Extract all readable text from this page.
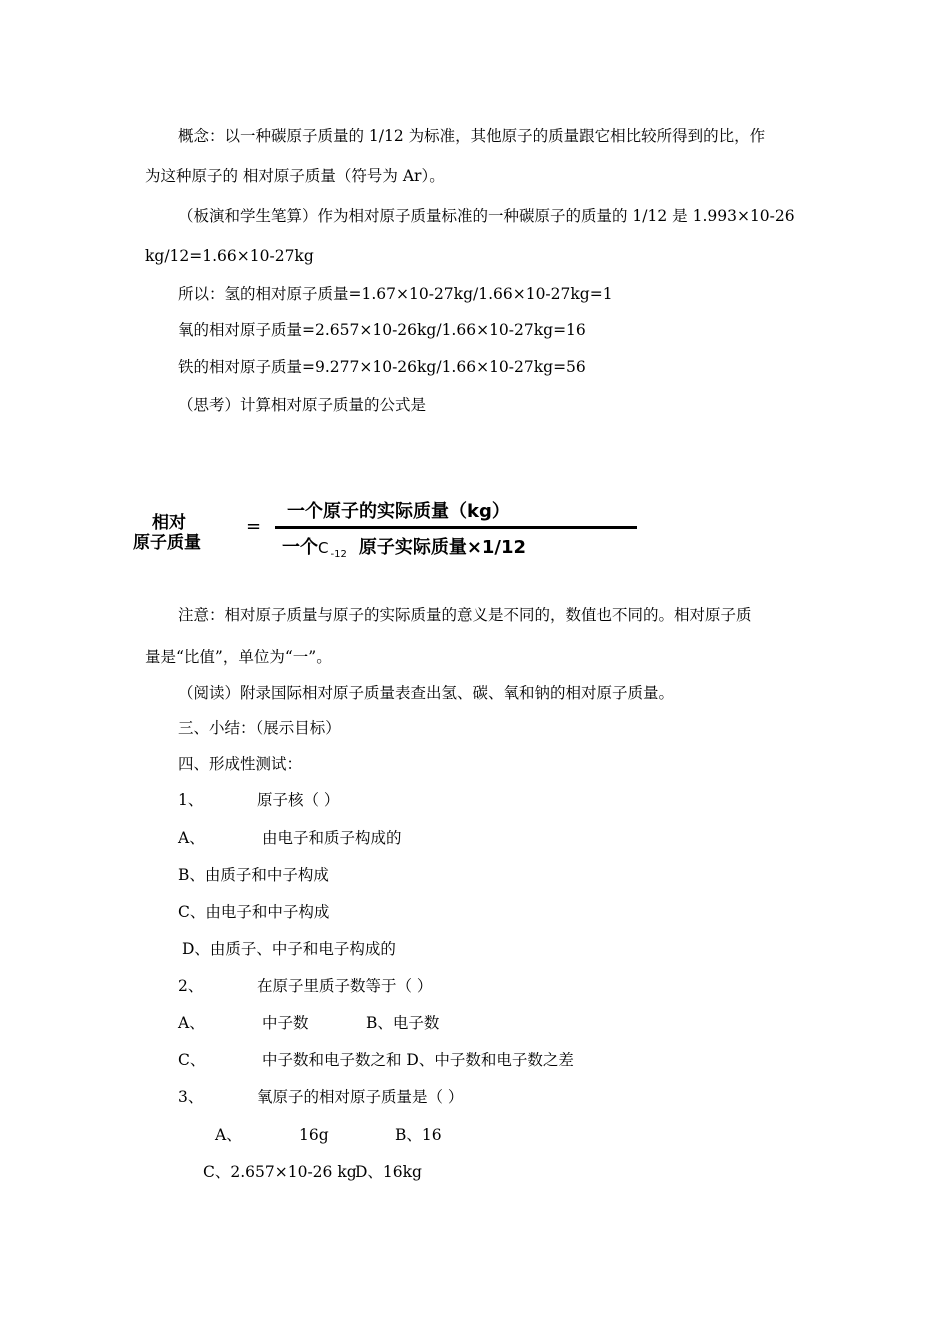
概念：以一种碳原子质量的 1/12 为标准，其他原子的质量跟它相比较所得到的比，作
为这种原子的 相对原子质量（符号为 Ar）。
（板演和学生笔算）作为相对原子质量标准的一种碳原子的质量的 1/12 是 1.993×10-26
kg/12=1.66×10-27kg
所以：氢的相对原子质量=1.67×10-27kg/1.66×10-27kg=1
氧的相对原子质量=2.657×10-26kg/1.66×10-27kg=16
铁的相对原子质量=9.277×10-26kg/1.66×10-27kg=56
（思考）计算相对原子质量的公式是
相对
原子质量
=
一个原子的实际质量（kg）
一个C $_{-12}$ 原子实际质量×1/12
注意：相对原子质量与原子的实际质量的意义是不同的，数值也不同的。相对原子质
量是“比值”，单位为“一”。
（阅读）附录国际相对原子质量表查出氢、碳、氧和钠的相对原子质量。
三、小结：（展示目标）
四、形成性测试：
1、	原子核（ ）
A、	由电子和质子构成的
B、由质子和中子构成
C、由电子和中子构成
D、由质子、中子和电子构成的
2、	在原子里质子数等于（ ）
A、	中子数	B、电子数
C、	中子数和电子数之和 D、中子数和电子数之差
3、	氧原子的相对原子质量是（ ）
A、	16g	B、16
C、2.657×10-26 kg
D、16kg
